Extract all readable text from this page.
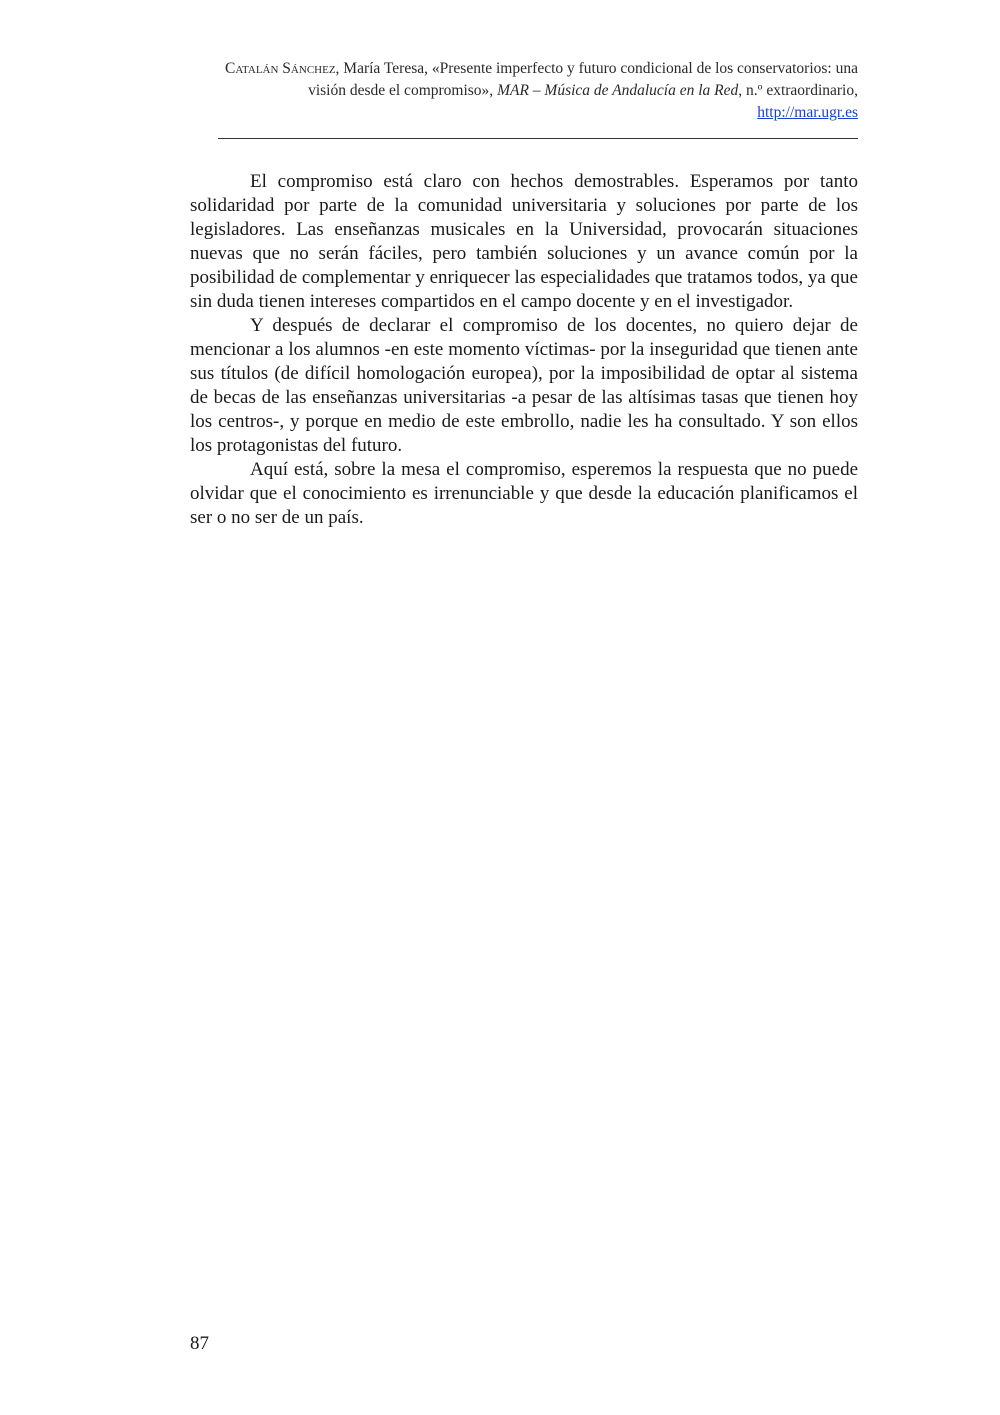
Catalán Sánchez, María Teresa, «Presente imperfecto y futuro condicional de los conservatorios: una visión desde el compromiso», MAR – Música de Andalucía en la Red, n.º extraordinario, http://mar.ugr.es

El compromiso está claro con hechos demostrables. Esperamos por tanto solidaridad por parte de la comunidad universitaria y soluciones por parte de los legisladores. Las enseñanzas musicales en la Universidad, provocarán situaciones nuevas que no serán fáciles, pero también soluciones y un avance común por la posibilidad de complementar y enriquecer las especialidades que tratamos todos, ya que sin duda tienen intereses compartidos en el campo docente y en el investigador.

Y después de declarar el compromiso de los docentes, no quiero dejar de mencionar a los alumnos -en este momento víctimas- por la inseguridad que tienen ante sus títulos (de difícil homologación europea), por la imposibilidad de optar al sistema de becas de las enseñanzas universitarias -a pesar de las altísimas tasas que tienen hoy los centros-, y porque en medio de este embrollo, nadie les ha consultado. Y son ellos los protagonistas del futuro.

Aquí está, sobre la mesa el compromiso, esperemos la respuesta que no puede olvidar que el conocimiento es irrenunciable y que desde la educación planificamos el ser o no ser de un país.

87
